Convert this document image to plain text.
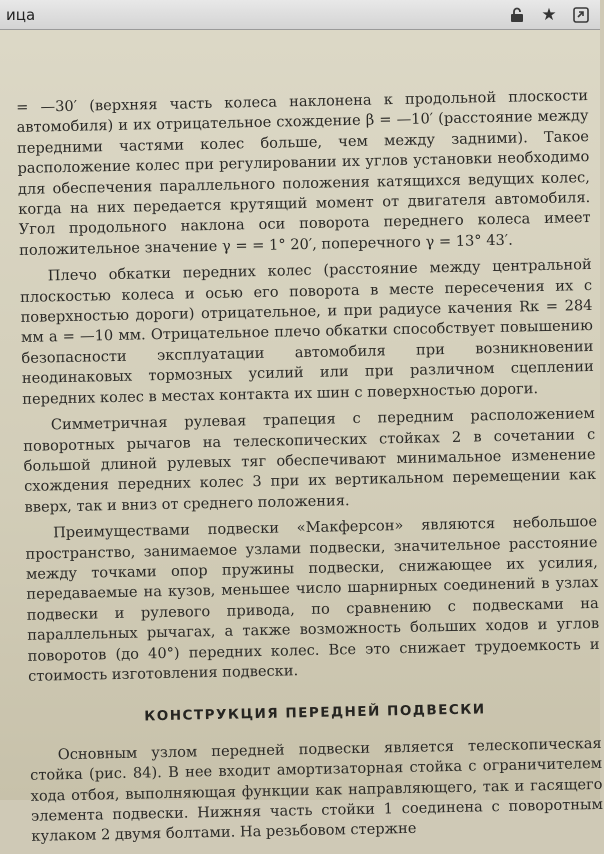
ица	★

= —30′ (верхняя часть колеса наклонена к продольной плоскости автомобиля) и их отрицательное схождение β = —10′ (расстояние между передними частями колес больше, чем между задними). Такое расположение колес при регулировании их углов установки необходимо для обеспечения параллельного положения катящихся ведущих колес, когда на них передается крутящий момент от двигателя автомобиля. Угол продольного наклона оси поворота переднего колеса имеет положительное значение γ = = 1° 20′, поперечного γ = 13° 43′.

Плечо обкатки передних колес (расстояние между центральной плоскостью колеса и осью его поворота в месте пересечения их с поверхностью дороги) отрицательное, и при радиусе качения Rк = 284 мм a = —10 мм. Отрицательное плечо обкатки способствует повышению безопасности эксплуатации автомобиля при возникновении неодинаковых тормозных усилий или при различном сцеплении передних колес в местах контакта их шин с поверхностью дороги.

Симметричная рулевая трапеция с передним расположением поворотных рычагов на телескопических стойках 2 в сочетании с большой длиной рулевых тяг обеспечивают минимальное изменение схождения передних колес 3 при их вертикальном перемещении как вверх, так и вниз от среднего положения.

Преимуществами подвески «Макферсон» являются небольшое пространство, занимаемое узлами подвески, значительное расстояние между точками опор пружины подвески, снижающее их усилия, передаваемые на кузов, меньшее число шарнирных соединений в узлах подвески и рулевого привода, по сравнению с подвесками на параллельных рычагах, а также возможность больших ходов и углов поворотов (до 40°) передних колес. Все это снижает трудоемкость и стоимость изготовления подвески.

КОНСТРУКЦИЯ ПЕРЕДНЕЙ ПОДВЕСКИ

Основным узлом передней подвески является телескопическая стойка (рис. 84). В нее входит амортизаторная стойка с ограничителем хода отбоя, выполняющая функции как направляющего, так и гасящего элемента подвески. Нижняя часть стойки 1 соединена с поворотным кулаком 2 двумя болтами. На резьбовом стержне
